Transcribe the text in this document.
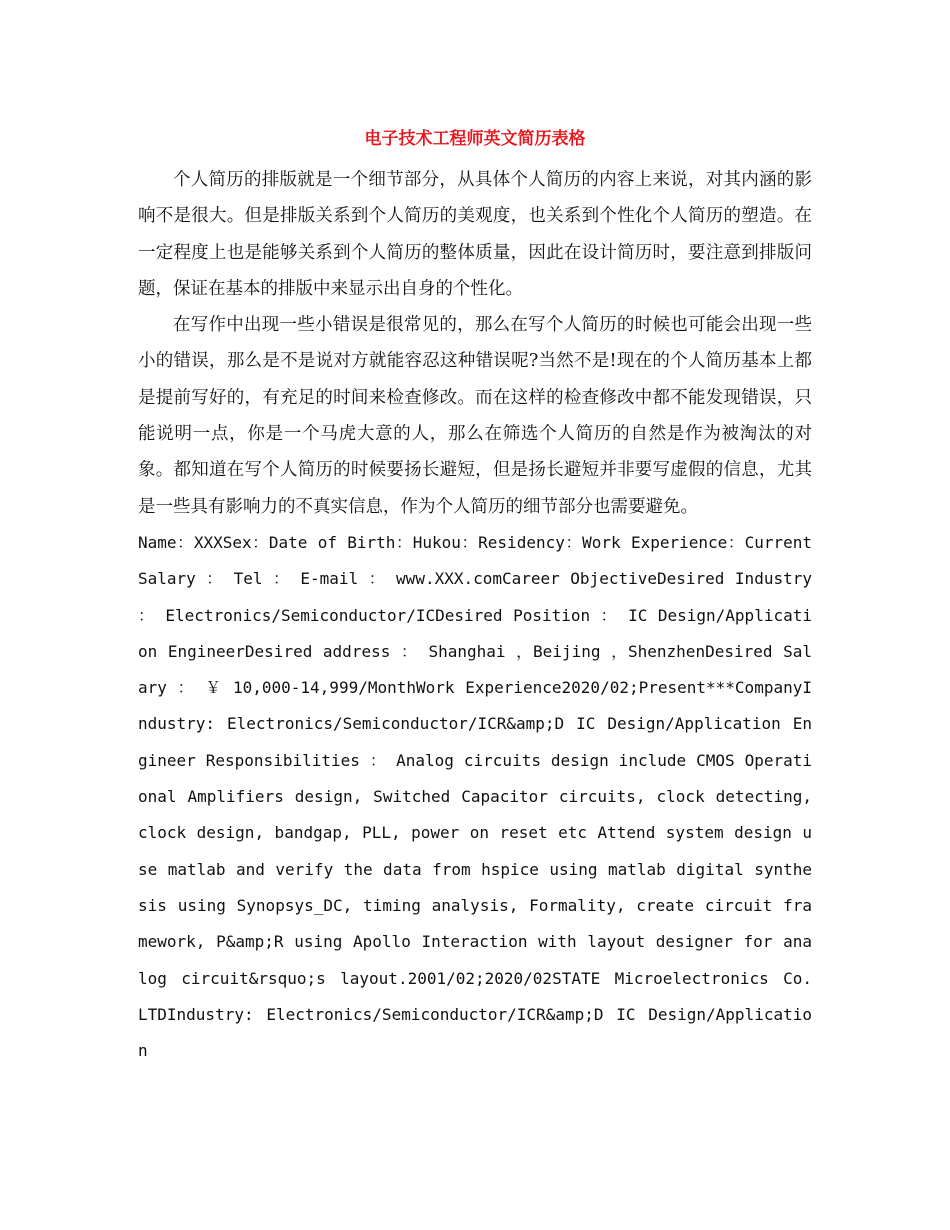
电子技术工程师英文简历表格

个人简历的排版就是一个细节部分，从具体个人简历的内容上来说，对其内涵的影响不是很大。但是排版关系到个人简历的美观度，也关系到个性化个人简历的塑造。在一定程度上也是能够关系到个人简历的整体质量，因此在设计简历时，要注意到排版问题，保证在基本的排版中来显示出自身的个性化。

在写作中出现一些小错误是很常见的，那么在写个人简历的时候也可能会出现一些小的错误，那么是不是说对方就能容忍这种错误呢?当然不是!现在的个人简历基本上都是提前写好的，有充足的时间来检查修改。而在这样的检查修改中都不能发现错误，只能说明一点，你是一个马虎大意的人，那么在筛选个人简历的自然是作为被淘汰的对象。都知道在写个人简历的时候要扬长避短，但是扬长避短并非要写虚假的信息，尤其是一些具有影响力的不真实信息，作为个人简历的细节部分也需要避免。

Name：XXXSex：Date of Birth：Hukou：Residency：Work Experience：Current Salary ： Tel ： E-mail ： www.XXX.comCareer ObjectiveDesired Industry ： Electronics/Semiconductor/ICDesired Position ： IC Design/Application EngineerDesired address ： Shanghai ，Beijing ，ShenzhenDesired Salary ： ￥ 10,000-14,999/MonthWork Experience2020/02;Present***CompanyIndustry: Electronics/Semiconductor/ICR&amp;D IC Design/Application Engineer Responsibilities ： Analog circuits design include CMOS Operational Amplifiers design, Switched Capacitor circuits, clock detecting, clock design, bandgap, PLL, power on reset etc Attend system design use matlab and verify the data from hspice using matlab digital synthesis using Synopsys_DC, timing analysis, Formality, create circuit framework, P&amp;R using Apollo Interaction with layout designer for analog circuit&rsquo;s layout.2001/02;2020/02STATE Microelectronics Co. LTDIndustry: Electronics/Semiconductor/ICR&amp;D IC Design/Application
